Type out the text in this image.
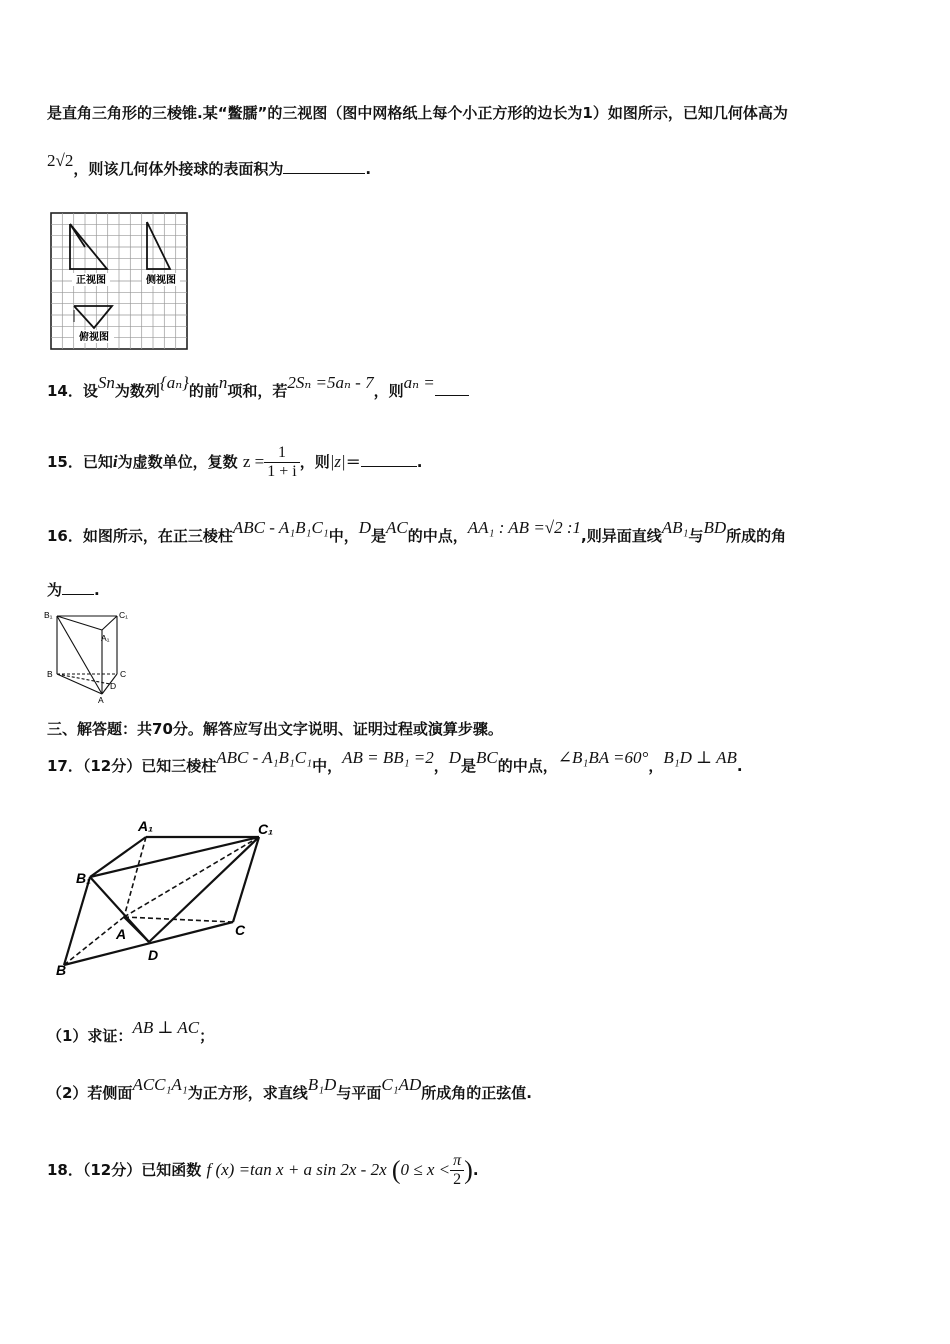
是直角三角形的三棱锥.某“鳖臑”的三视图（图中网格纸上每个小正方形的边长为1）如图所示，已知几何体高为
2√2，则该几何体外接球的表面积为	.
正视图	侧视图
俯视图
14．设Sn为数列{aₙ}的前n项和，若2Sₙ =5aₙ - 7，则aₙ =
15．已知i为虚数单位，复数 $z = \frac{1}{1 + i}$ ，则|z|＝	.
16．如图所示，在正三棱柱ABC - A₁B₁C₁中，D是AC的中点，AA₁ : AB =√2 :1,则异面直线AB₁与BD所成的角
为 .
B₁	C₁
A₁
B	C
D
A
三、解答题：共70分。解答应写出文字说明、证明过程或演算步骤。
17．（12分）已知三棱柱ABC - A₁B₁C₁中，AB = BB₁ =2，D是BC的中点，∠B₁BA =60°，B₁D ⊥ AB.
A₁	C₁
B₁
A	C
D
B
（1）求证：AB ⊥ AC；
（2）若侧面ACC₁A₁为正方形，求直线B₁D与平面C₁AD所成角的正弦值.
18．（12分）已知函数 f (x) =tan x + a sin 2x - 2x ($0 \le x < \frac{\pi}{2}$ ).
